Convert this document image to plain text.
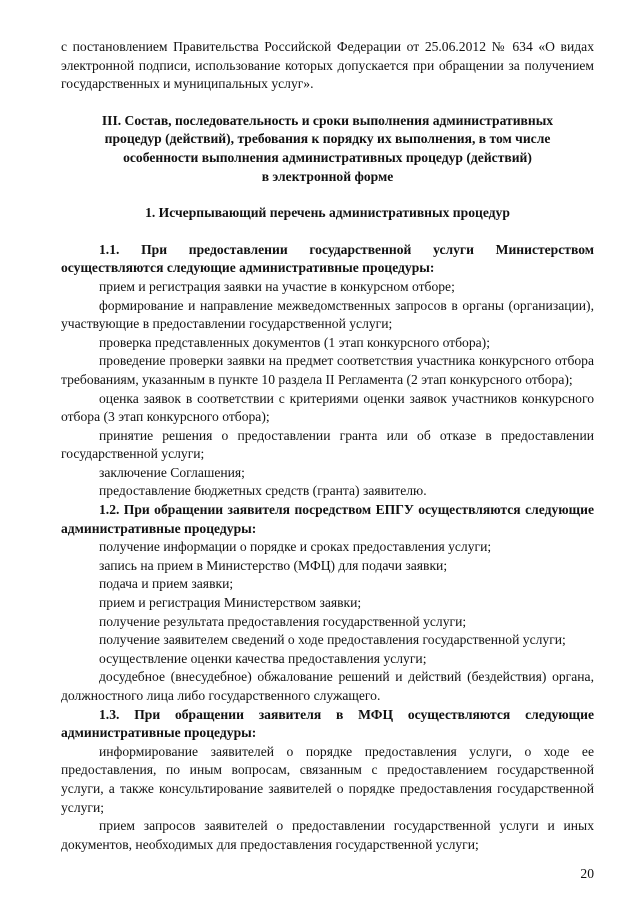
с постановлением Правительства Российской Федерации от 25.06.2012 № 634 «О видах электронной подписи, использование которых допускается при обращении за получением государственных и муниципальных услуг».

III. Состав, последовательность и сроки выполнения административных
процедур (действий), требования к порядку их выполнения, в том числе
особенности выполнения административных процедур (действий)
в электронной форме
1. Исчерпывающий перечень административных процедур

1.1. При предоставлении государственной услуги Министерством осуществляются следующие административные процедуры:

прием и регистрация заявки на участие в конкурсном отборе;

формирование и направление межведомственных запросов в органы (организации), участвующие в предоставлении государственной услуги;

проверка представленных документов (1 этап конкурсного отбора);

проведение проверки заявки на предмет соответствия участника конкурсного отбора требованиям, указанным в пункте 10 раздела II Регламента (2 этап конкурсного отбора);

оценка заявок в соответствии с критериями оценки заявок участников конкурсного отбора (3 этап конкурсного отбора);

принятие решения о предоставлении гранта или об отказе в предоставлении государственной услуги;

заключение Соглашения;

предоставление бюджетных средств (гранта) заявителю.

1.2. При обращении заявителя посредством ЕПГУ осуществляются следующие административные процедуры:

получение информации о порядке и сроках предоставления услуги;

запись на прием в Министерство (МФЦ) для подачи заявки;

подача и прием заявки;

прием и регистрация Министерством заявки;

получение результата предоставления государственной услуги;

получение заявителем сведений о ходе предоставления государственной услуги;

осуществление оценки качества предоставления услуги;

досудебное (внесудебное) обжалование решений и действий (бездействия) органа, должностного лица либо государственного служащего.

1.3. При обращении заявителя в МФЦ осуществляются следующие административные процедуры:

информирование заявителей о порядке предоставления услуги, о ходе ее предоставления, по иным вопросам, связанным с предоставлением государственной услуги, а также консультирование заявителей о порядке предоставления государственной услуги;

прием запросов заявителей о предоставлении государственной услуги и иных документов, необходимых для предоставления государственной услуги;

20
